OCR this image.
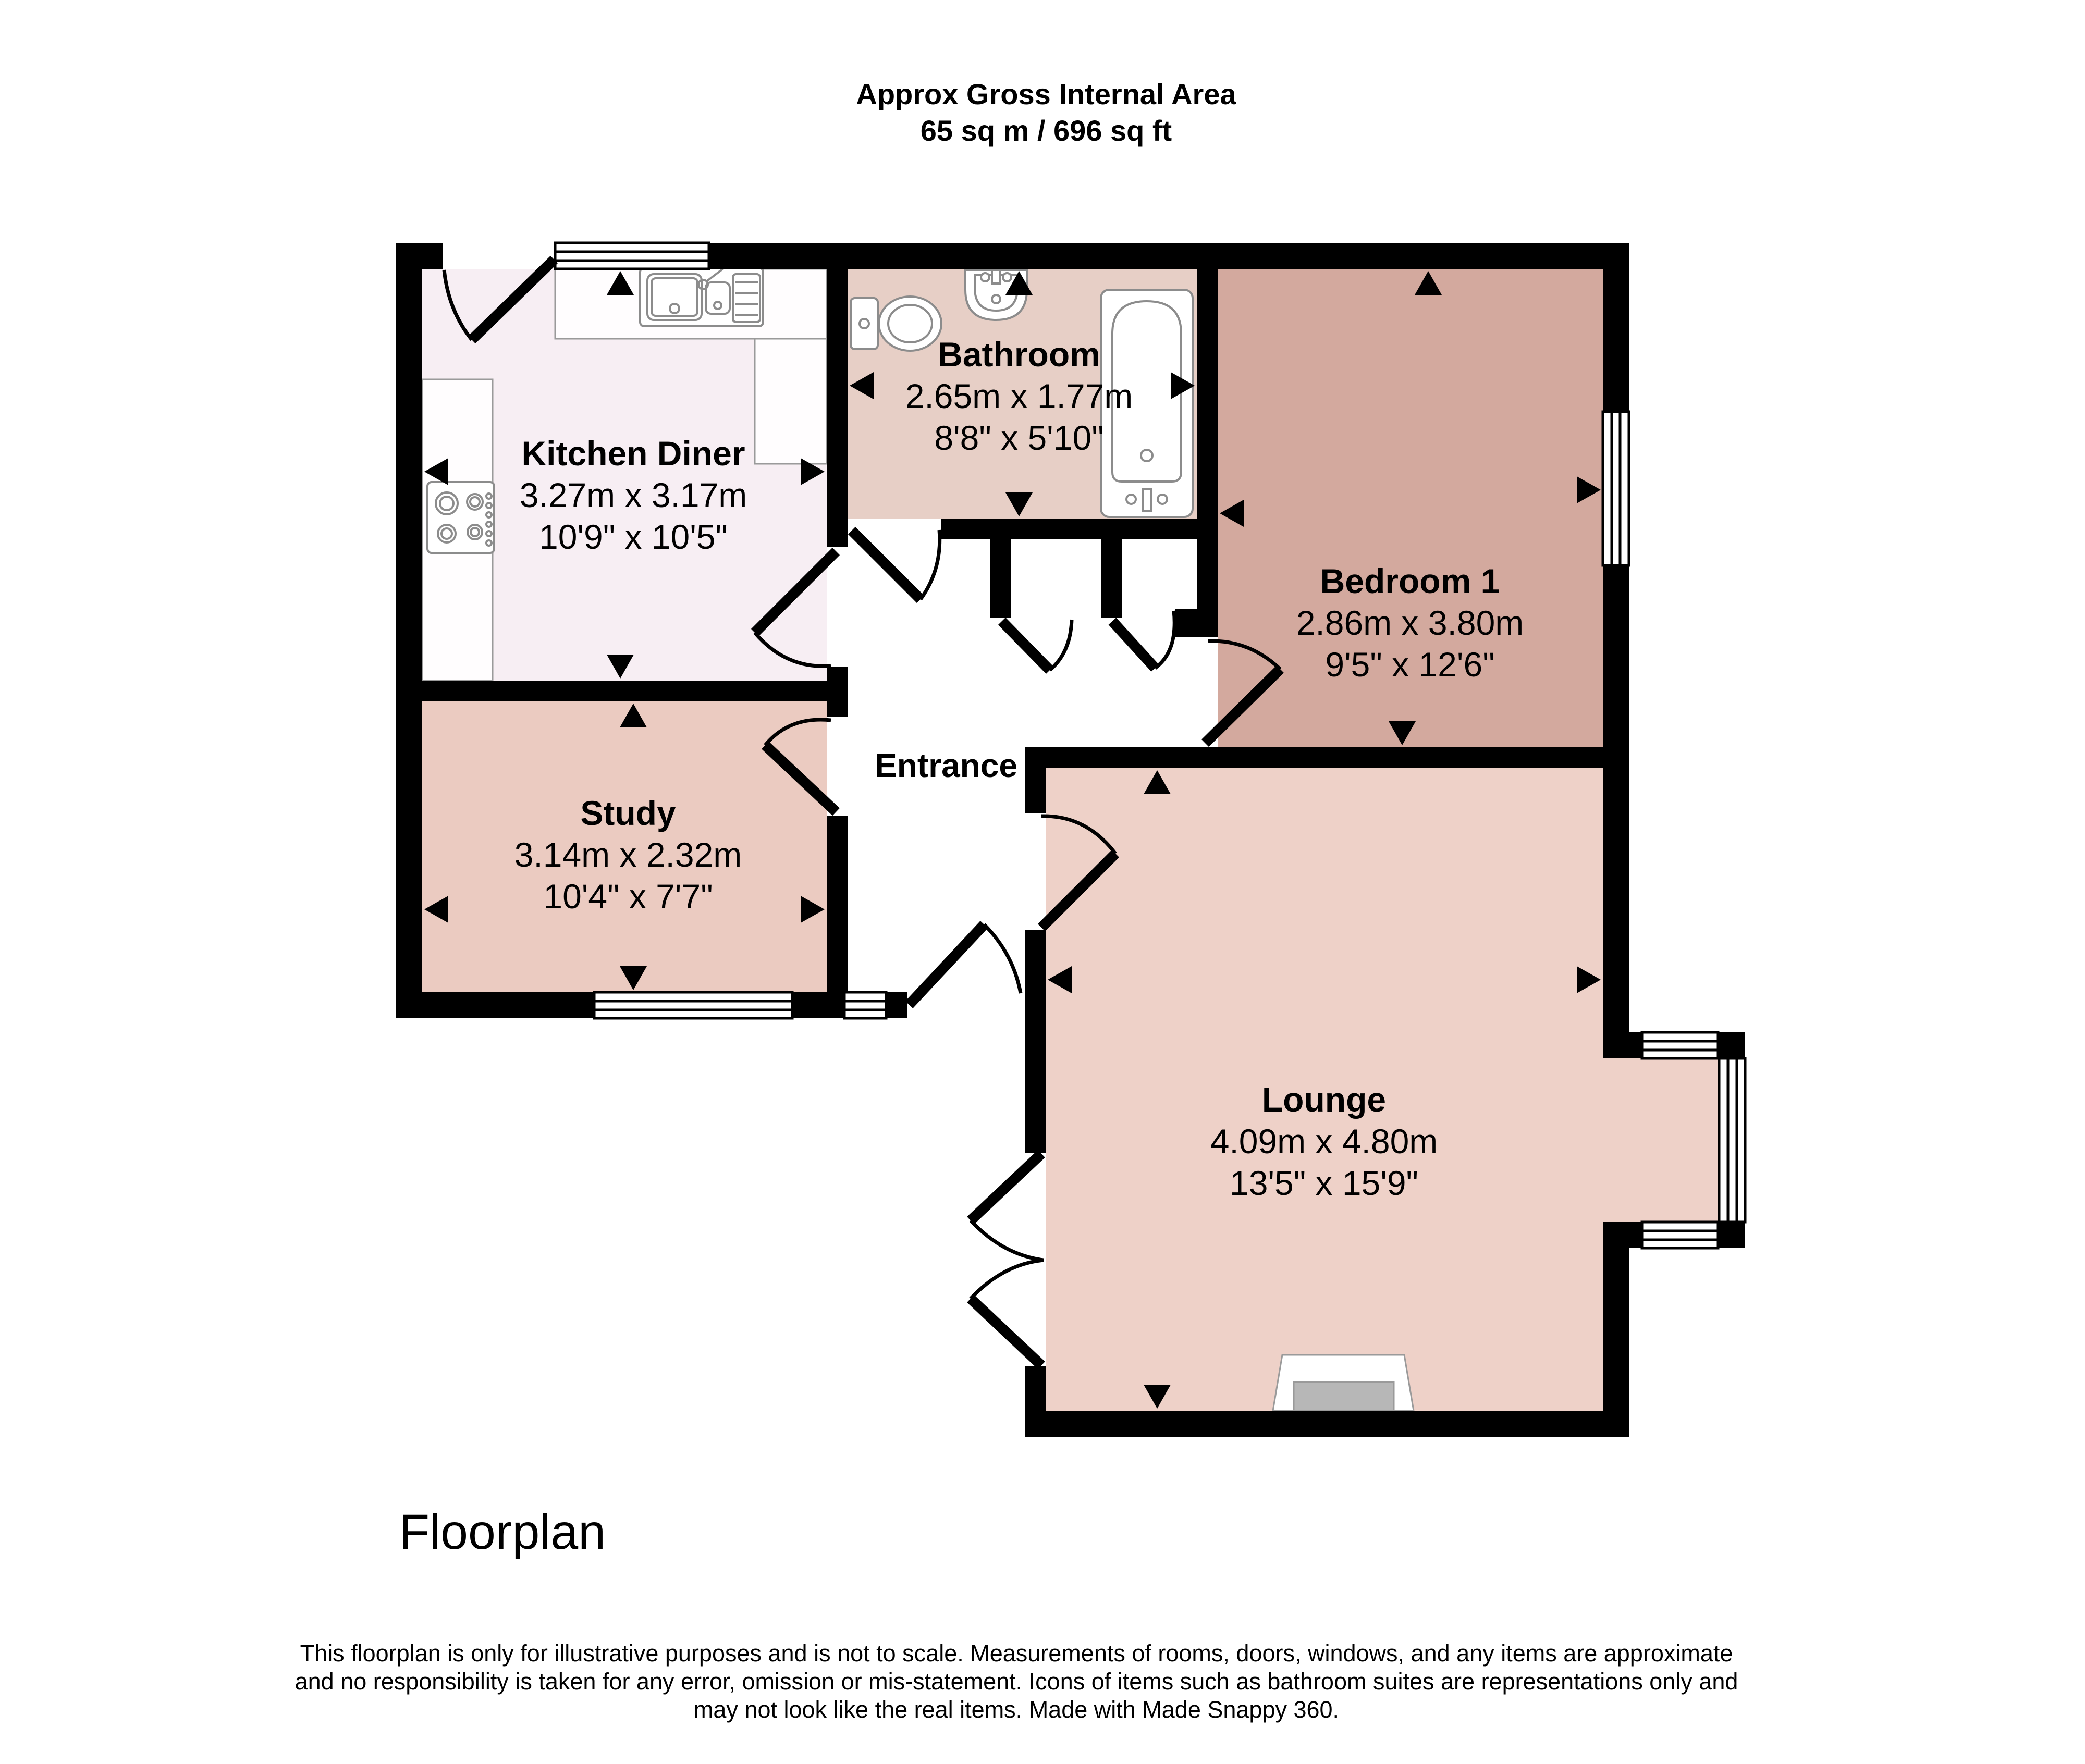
Approx Gross Internal Area
65 sq m / 696 sq ft
Kitchen Diner
3.27m x 3.17m
10'9" x 10'5"
Bathroom
2.65m x 1.77m
8'8" x 5'10"
Bedroom 1
2.86m x 3.80m
9'5" x 12'6"
Study
3.14m x 2.32m
10'4" x 7'7"
Lounge
4.09m x 4.80m
13'5" x 15'9"
Entrance
Floorplan
This floorplan is only for illustrative purposes and is not to scale. Measurements of rooms, doors, windows, and any items are approximate
and no responsibility is taken for any error, omission or mis-statement. Icons of items such as bathroom suites are representations only and
may not look like the real items. Made with Made Snappy 360.
